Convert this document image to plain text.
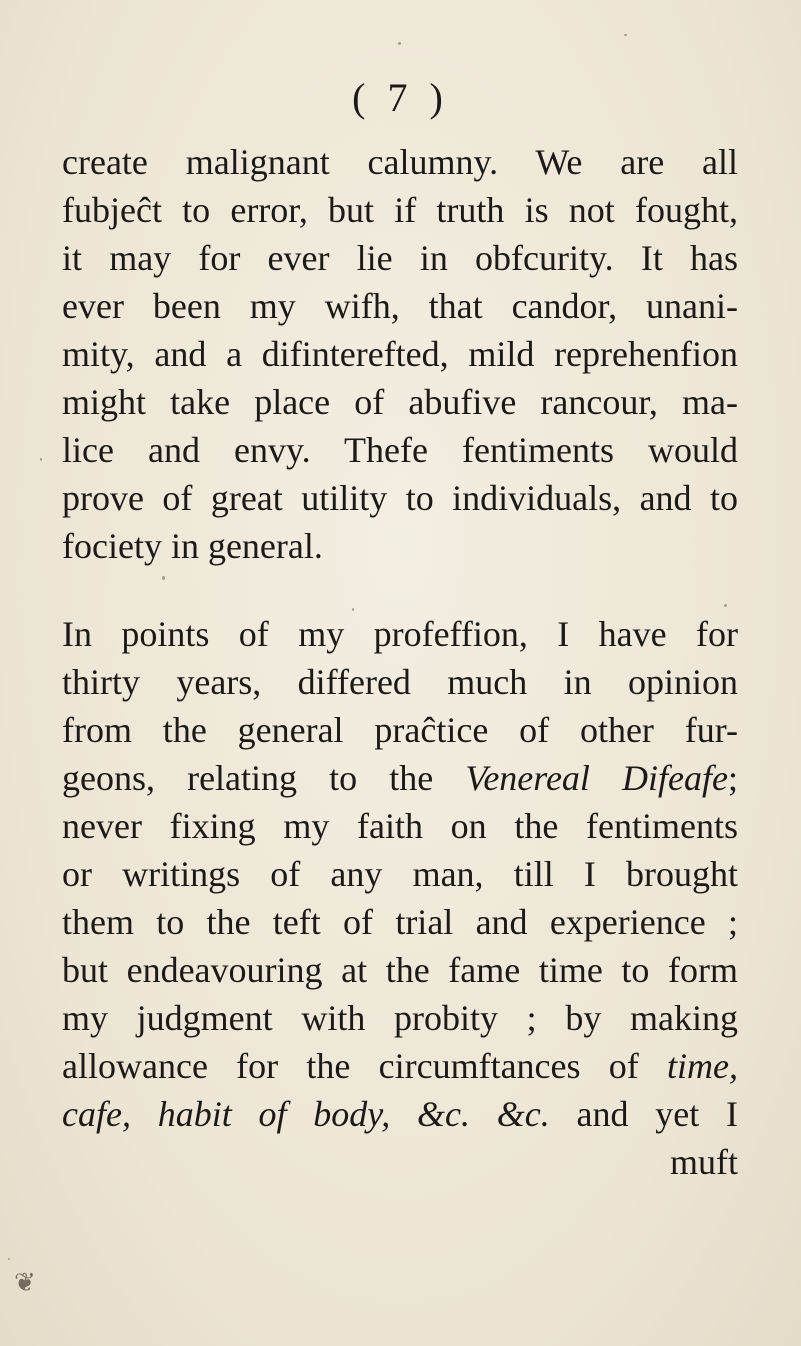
( 7 )
create malignant calumny. We are all
fubjeĉt to error, but if truth is not fought,
it may for ever lie in obfcurity. It has
ever been my wifh, that candor, unani-
mity, and a difinterefted, mild reprehenfion
might take place of abufive rancour, ma-
lice and envy. Thefe fentiments would
prove of great utility to individuals, and to
fociety in general.
In points of my profeffion, I have for
thirty years, differed much in opinion
from the general praĉtice of other fur-
geons, relating to the Venereal Difeafe;
never fixing my faith on the fentiments
or writings of any man, till I brought
them to the teft of trial and experience ;
but endeavouring at the fame time to form
my judgment with probity ; by making
allowance for the circumftances of time,
cafe, habit of body, &c. &c. and yet I
muft
❦
